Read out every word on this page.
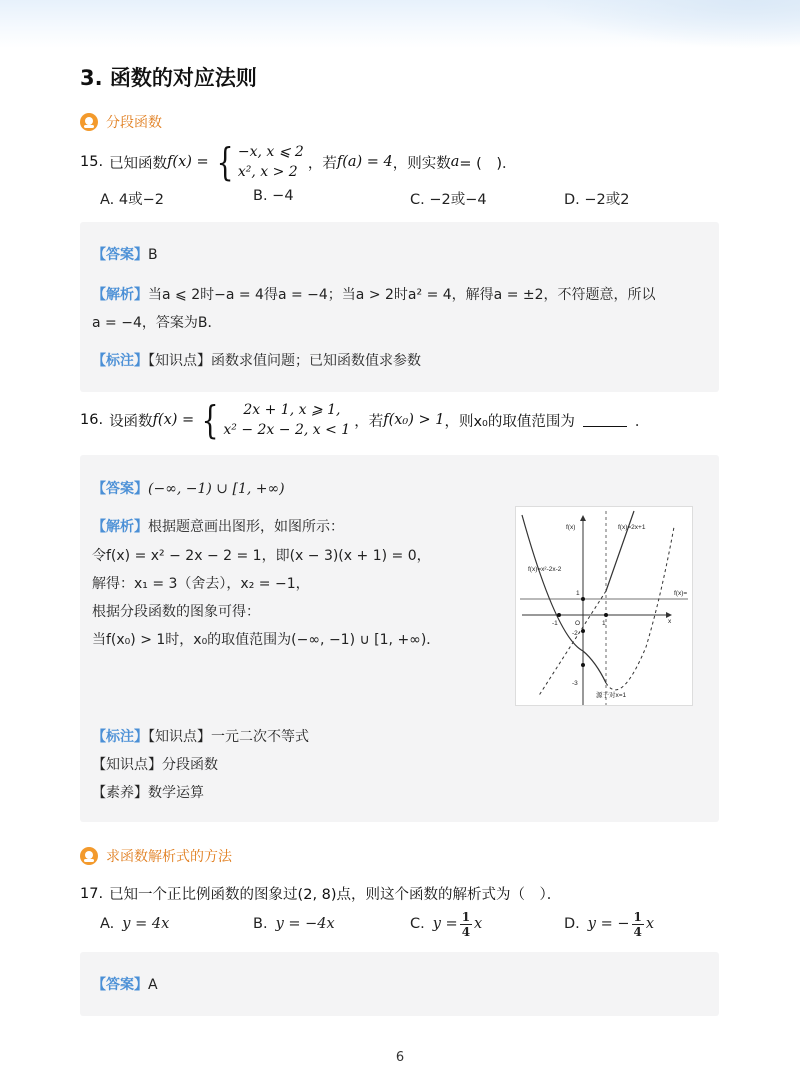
3. 函数的对应法则
分段函数
15. 已知函数 f(x) = { −x, x ⩽ 2
x², x > 2
，若 f(a) = 4 ，则实数 a = (　)．
A. 4或−2	B. −4	C. −2或−4	D. −2或2
【答案】B
【解析】当a ⩽ 2时−a = 4得a = −4；当a > 2时a² = 4，解得a = ±2，不符题意，所以
a = −4，答案为B．
【标注】【知识点】函数求值问题；已知函数值求参数
16. 设函数 f(x) = {	2x + 1, x ⩾ 1,
x² − 2x − 2, x < 1
，若 f(x₀) > 1 ，则x₀的取值范围为	．
【答案】(−∞, −1) ∪ [1, +∞)
【解析】根据题意画出图形，如图所示：
令f(x) = x² − 2x − 2 = 1，即(x − 3)(x + 1) = 0，
解得：x₁ = 3（舍去），x₂ = −1，
根据分段函数的图象可得：
当f(x₀) > 1时，x₀的取值范围为(−∞, −1) ∪ [1, +∞)．
f(x)	f(x)=2x+1
f(x)=x²-2x-2
f(x)=
x
1
-1	O	1
-2
-3
源于对x=1
【标注】【知识点】一元二次不等式
【知识点】分段函数
【素养】数学运算
求函数解析式的方法
17. 已知一个正比例函数的图象过(2, 8)点，则这个函数的解析式为（　）．
A. y = 4x	B. y = −4x	C. $y = \frac{1}{4}$ x	D. y = − $\frac{1}{4}$ x
【答案】A
6
